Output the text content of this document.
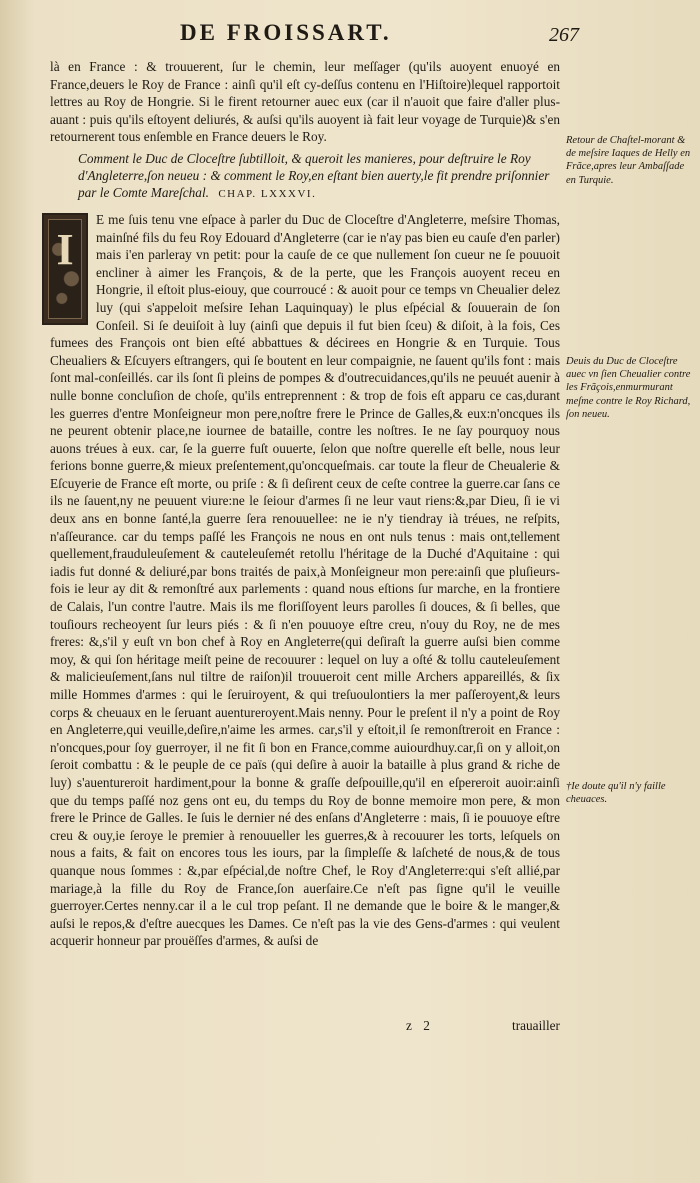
DE FROISSART.	267

là en France : & trouuerent, ſur le chemin, leur meſſager (qu'ils auoyent enuoyé en France,deuers le Roy de France : ainſi qu'il eſt cy-deſſus contenu en l'Hiſtoire)lequel rapportoit lettres au Roy de Hongrie. Si le firent retourner auec eux (car il n'auoit que faire d'aller plus-auant : puis qu'ils eſtoyent deliurés, & auſsi qu'ils auoyent ià fait leur voyage de Turquie)& s'en retournerent tous enſemble en France deuers le Roy.

Comment le Duc de Cloceſtre ſubtilloit, & queroit les manieres, pour deſtruire le Roy d'Angleterre,ſon neueu : & comment le Roy,en eſtant bien auerty,le fit prendre priſonnier par le Comte Mareſchal. CHAP. LXXXVI.
I

E me ſuis tenu vne eſpace à parler du Duc de Cloceſtre d'Angleterre, meſsire Thomas, mainſné fils du feu Roy Edouard d'Angleterre (car ie n'ay pas bien eu cauſe d'en parler) mais i'en parleray vn petit: pour la cauſe de ce que nullement ſon cueur ne ſe pouuoit encliner à aimer les François, & de la perte, que les François auoyent receu en Hongrie, il eſtoit plus-eiouy, que courroucé : & auoit pour ce temps vn Cheualier delez luy (qui s'appeloit meſsire Iehan Laquinquay) le plus eſpécial & ſouuerain de ſon Conſeil. Si ſe deuiſoit à luy (ainſi que depuis il fut bien ſceu) & diſoit, à la fois, Ces fumees des François ont bien eſté abbattues & décirees en Hongrie & en Turquie. Tous Cheualiers & Eſcuyers eſtrangers, qui ſe boutent en leur compaignie, ne ſauent qu'ils font : mais ſont mal-conſeillés. car ils ſont ſi pleins de pompes & d'outrecuidances,qu'ils ne peuuét auenir à nulle bonne concluſion de choſe, qu'ils entreprennent : & trop de fois eſt apparu ce cas,durant les guerres d'entre Monſeigneur mon pere,noſtre frere le Prince de Galles,& eux:n'oncques ils ne peurent obtenir place,ne iournee de bataille, contre les noſtres. Ie ne ſay pourquoy nous auons tréues à eux. car, ſe la guerre fuſt ouuerte, ſelon que noſtre querelle eſt belle, nous leur ferions bonne guerre,& mieux preſentement,qu'oncqueſmais. car toute la fleur de Cheualerie & Eſcuyerie de France eſt morte, ou priſe : & ſi deſirent ceux de ceſte contree la guerre.car ſans ce ils ne ſauent,ny ne peuuent viure:ne le ſeiour d'armes ſi ne leur vaut riens:&,par Dieu, ſi ie vi deux ans en bonne ſanté,la guerre ſera renouuellee: ne ie n'y tiendray ià tréues, ne reſpits, n'aſſeurance. car du temps paſſé les François ne nous en ont nuls tenus : mais ont,tellement quellement,frauduleuſement & cauteleuſemét retollu l'héritage de la Duché d'Aquitaine : qui iadis fut donné & deliuré,par bons traités de paix,à Monſeigneur mon pere:ainſi que pluſieurs-fois ie leur ay dit & remonſtré aux parlements : quand nous eſtions ſur marche, en la frontiere de Calais, l'un contre l'autre. Mais ils me floriſſoyent leurs parolles ſi douces, & ſi belles, que touſiours recheoyent ſur leurs piés : & ſi n'en pouuoye eſtre creu, n'ouy du Roy, ne de mes freres: &,s'il y euſt vn bon chef à Roy en Angleterre(qui deſiraſt la guerre auſsi bien comme moy, & qui ſon héritage meiſt peine de recouurer : lequel on luy a oſté & tollu cauteleuſement & malicieuſement,ſans nul tiltre de raiſon)il trouueroit cent mille Archers appareillés, & ſix mille Hommes d'armes : qui le ſeruiroyent, & qui treſuoulontiers la mer paſſeroyent,& leurs corps & cheuaux en le ſeruant auentureroyent.Mais nenny. Pour le preſent il n'y a point de Roy en Angleterre,qui veuille,deſire,n'aime les armes. car,s'il y eſtoit,il ſe remonſtreroit en France : n'oncques,pour ſoy guerroyer, il ne fit ſi bon en France,comme auiourdhuy.car,ſi on y alloit,on ſeroit combattu : & le peuple de ce païs (qui deſire à auoir la bataille à plus grand & riche de luy) s'auentureroit hardiment,pour la bonne & graſſe deſpouille,qu'il en eſpereroit auoir:ainſi que du temps paſſé noz gens ont eu, du temps du Roy de bonne memoire mon pere, & mon frere le Prince de Galles. Ie ſuis le dernier né des enſans d'Angleterre : mais, ſi ie pouuoye eſtre creu & ouy,ie ſeroye le premier à renouueller les guerres,& à recouurer les torts, leſquels on nous a faits, & fait on encores tous les iours, par la ſimpleſſe & laſcheté de nous,& de tous quanque nous ſommes : &,par eſpécial,de noſtre Chef, le Roy d'Angleterre:qui s'eſt allié,par mariage,à la fille du Roy de France,ſon auerſaire.Ce n'eſt pas ſigne qu'il le veuille guerroyer.Certes nenny.car il a le cul trop peſant. Il ne demande que le boire & le manger,& auſsi le repos,& d'eſtre auecques les Dames. Ce n'eſt pas la vie des Gens-d'armes : qui veulent acquerir honneur par prouëſſes d'armes, & auſsi de

z 2	trauailler
Retour de Chaſtel-morant & de meſsire Iaques de Helly en Frãce,apres leur Ambaſſade en Turquie.
Deuis du Duc de Cloceſtre auec vn ſien Cheualier contre les Frãçois,enmurmurant meſme contre le Roy Richard, ſon neueu.
†Ie doute qu'il n'y faille cheuaces.
